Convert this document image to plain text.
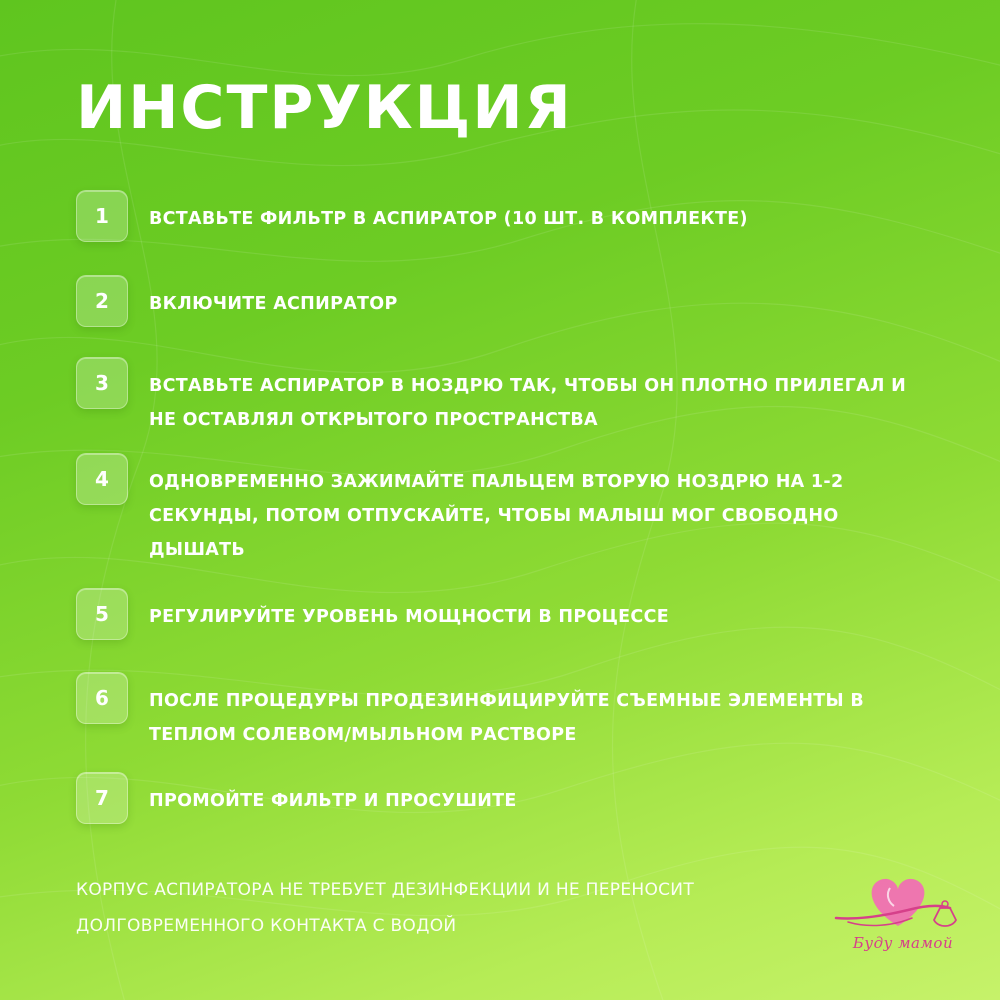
ИНСТРУКЦИЯ
1	ВСТАВЬТЕ ФИЛЬТР В АСПИРАТОР (10 ШТ. В КОМПЛЕКТЕ)
2	ВКЛЮЧИТЕ АСПИРАТОР
3	ВСТАВЬТЕ АСПИРАТОР В НОЗДРЮ ТАК, ЧТОБЫ ОН ПЛОТНО ПРИЛЕГАЛ И НЕ ОСТАВЛЯЛ ОТКРЫТОГО ПРОСТРАНСТВА
4	ОДНОВРЕМЕННО ЗАЖИМАЙТЕ ПАЛЬЦЕМ ВТОРУЮ НОЗДРЮ НА 1-2 СЕКУНДЫ, ПОТОМ ОТПУСКАЙТЕ, ЧТОБЫ МАЛЫШ МОГ СВОБОДНО ДЫШАТЬ
5	РЕГУЛИРУЙТЕ УРОВЕНЬ МОЩНОСТИ В ПРОЦЕССЕ
6	ПОСЛЕ ПРОЦЕДУРЫ ПРОДЕЗИНФИЦИРУЙТЕ СЪЕМНЫЕ ЭЛЕМЕНТЫ В ТЕПЛОМ СОЛЕВОМ/МЫЛЬНОМ РАСТВОРЕ
7	ПРОМОЙТЕ ФИЛЬТР И ПРОСУШИТЕ
КОРПУС АСПИРАТОРА НЕ ТРЕБУЕТ ДЕЗИНФЕКЦИИ И НЕ ПЕРЕНОСИТ ДОЛГОВРЕМЕННОГО КОНТАКТА С ВОДОЙ
Буду мамой
